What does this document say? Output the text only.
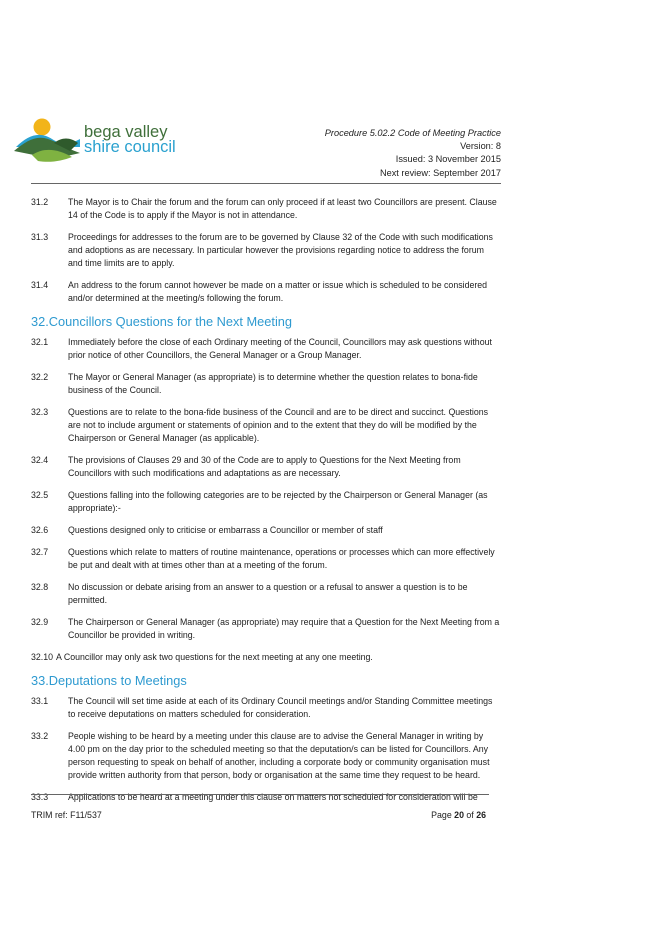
bega valley
shire council
Procedure 5.02.2 Code of Meeting Practice
Version: 8
Issued: 3 November 2015
Next review: September 2017
31.2	The Mayor is to Chair the forum and the forum can only proceed if at least two Councillors are present. Clause 14 of the Code is to apply if the Mayor is not in attendance.
31.3	Proceedings for addresses to the forum are to be governed by Clause 32 of the Code with such modifications and adoptions as are necessary. In particular however the provisions regarding notice to address the forum and time limits are to apply.
31.4	An address to the forum cannot however be made on a matter or issue which is scheduled to be considered and/or determined at the meeting/s following the forum.
32.Councillors Questions for the Next Meeting
32.1	Immediately before the close of each Ordinary meeting of the Council, Councillors may ask questions without prior notice of other Councillors, the General Manager or a Group Manager.
32.2	The Mayor or General Manager (as appropriate) is to determine whether the question relates to bona-fide business of the Council.
32.3	Questions are to relate to the bona-fide business of the Council and are to be direct and succinct. Questions are not to include argument or statements of opinion and to the extent that they do will be modified by the Chairperson or General Manager (as applicable).
32.4	The provisions of Clauses 29 and 30 of the Code are to apply to Questions for the Next Meeting from Councillors with such modifications and adaptations as are necessary.
32.5	Questions falling into the following categories are to be rejected by the Chairperson or General Manager (as appropriate):-
32.6	Questions designed only to criticise or embarrass a Councillor or member of staff
32.7	Questions which relate to matters of routine maintenance, operations or processes which can more effectively be put and dealt with at times other than at a meeting of the forum.
32.8	No discussion or debate arising from an answer to a question or a refusal to answer a question is to be permitted.
32.9	The Chairperson or General Manager (as appropriate) may require that a Question for the Next Meeting from a Councillor be provided in writing.
32.10 A Councillor may only ask two questions for the next meeting at any one meeting.
33.Deputations to Meetings
33.1	The Council will set time aside at each of its Ordinary Council meetings and/or Standing Committee meetings to receive deputations on matters scheduled for consideration.
33.2	People wishing to be heard by a meeting under this clause are to advise the General Manager in writing by 4.00 pm on the day prior to the scheduled meeting so that the deputation/s can be listed for Councillors. Any person requesting to speak on behalf of another, including a corporate body or community organisation must provide written authority from that person, body or organisation at the same time they request to be heard.
33.3	Applications to be heard at a meeting under this clause on matters not scheduled for consideration will be
TRIM ref: F11/537	Page 20 of 26
